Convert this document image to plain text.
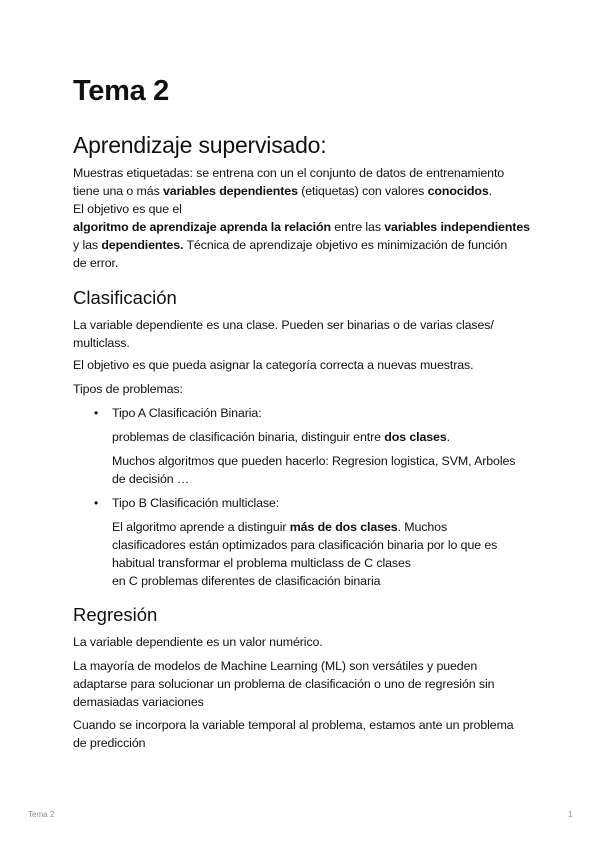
Tema 2
Aprendizaje supervisado:
Muestras etiquetadas: se entrena con un el conjunto de datos de entrenamiento
tiene una o más variables dependientes (etiquetas) con valores conocidos.
El objetivo es que el
algoritmo de aprendizaje aprenda la relación entre las variables independientes
y las dependientes. Técnica de aprendizaje objetivo es minimización de función
de error.
Clasificación
La variable dependiente es una clase. Pueden ser binarias o de varias clases/
multiclass.
El objetivo es que pueda asignar la categoría correcta a nuevas muestras.
Tipos de problemas:
•	Tipo A Clasificación Binaria:
problemas de clasificación binaria, distinguir entre dos clases.
Muchos algoritmos que pueden hacerlo: Regresion logistica, SVM, Arboles
de decisión …
•	Tipo B Clasificación multiclase:
El algoritmo aprende a distinguir más de dos clases. Muchos
clasificadores están optimizados para clasificación binaria por lo que es
habitual transformar el problema multiclass de C clases
en C problemas diferentes de clasificación binaria
Regresión
La variable dependiente es un valor numérico.
La mayoría de modelos de Machine Learning (ML) son versátiles y pueden
adaptarse para solucionar un problema de clasificación o uno de regresión sin
demasiadas variaciones
Cuando se incorpora la variable temporal al problema, estamos ante un problema
de predicción
Tema 2	1
